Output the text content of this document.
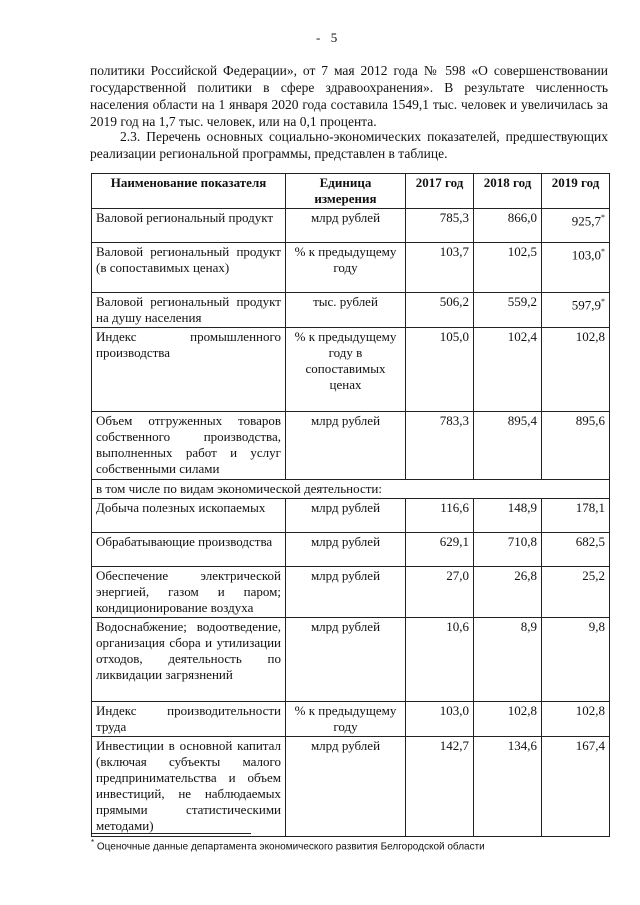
- 5
политики Российской Федерации», от 7 мая 2012 года № 598 «О совершенствовании государственной политики в сфере здравоохранения». В результате численность населения области на 1 января 2020 года составила 1549,1 тыс. человек и увеличилась за 2019 год на 1,7 тыс. человек, или на 0,1 процента.
2.3. Перечень основных социально-экономических показателей, предшествующих реализации региональной программы, представлен в таблице.
Наименование показателя	Единица измерения	2017 год	2018 год	2019 год
Валовой региональный продукт	млрд рублей	785,3	866,0	925,7*
Валовой региональный продукт (в сопоставимых ценах)	% к предыдущему году	103,7	102,5	103,0*
Валовой региональный продукт на душу населения	тыс. рублей	506,2	559,2	597,9*
Индекс промышленного производства	% к предыдущему году в сопоставимых ценах	105,0	102,4	102,8
Объем отгруженных товаров собственного производства, выполненных работ и услуг собственными силами	млрд рублей	783,3	895,4	895,6
в том числе по видам экономической деятельности:				
Добыча полезных ископаемых	млрд рублей	116,6	148,9	178,1
Обрабатывающие производства	млрд рублей	629,1	710,8	682,5
Обеспечение электрической энергией, газом и паром; кондиционирование воздуха	млрд рублей	27,0	26,8	25,2
Водоснабжение; водоотведение, организация сбора и утилизации отходов, деятельность по ликвидации загрязнений	млрд рублей	10,6	8,9	9,8
Индекс производительности труда	% к предыдущему году	103,0	102,8	102,8
Инвестиции в основной капитал (включая субъекты малого предпринимательства и объем инвестиций, не наблюдаемых прямыми статистическими методами)	млрд рублей	142,7	134,6	167,4
* Оценочные данные департамента экономического развития Белгородской области
